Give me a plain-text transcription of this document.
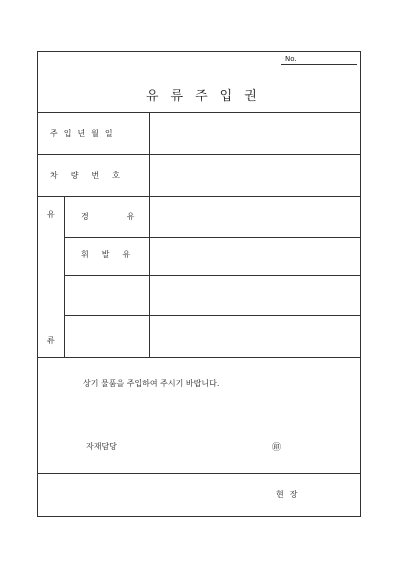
유류주입권
주입년월일
차량번호
유
류
경유
휘발유
상기 물품을 주입하여 주시기 바랍니다.
자재담당	㊞
현장
No.
